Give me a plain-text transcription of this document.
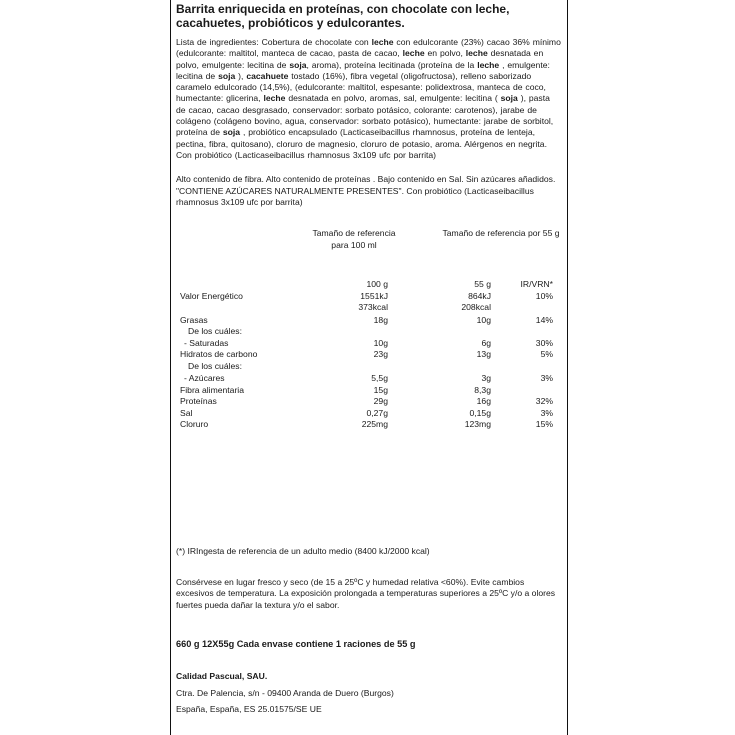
Barrita enriquecida en proteínas, con chocolate con leche, cacahuetes, probióticos y edulcorantes.
Lista de ingredientes: Cobertura de chocolate con leche con edulcorante (23%) cacao 36% mínimo (edulcorante: maltitol, manteca de cacao, pasta de cacao, leche en polvo, leche desnatada en polvo, emulgente: lecitina de soja, aroma), proteína lecitinada (proteína de la leche , emulgente: lecitina de soja ), cacahuete tostado (16%), fibra vegetal (oligofructosa), relleno saborizado caramelo edulcorado (14,5%), (edulcorante: maltitol, espesante: polidextrosa, manteca de coco, humectante: glicerina, leche desnatada en polvo, aromas, sal, emulgente: lecitina ( soja ), pasta de cacao, cacao desgrasado, conservador: sorbato potásico, colorante: carotenos), jarabe de colágeno (colágeno bovino, agua, conservador: sorbato potásico), humectante: jarabe de sorbitol, proteína de soja , probiótico encapsulado (Lacticaseibacillus rhamnosus, proteína de lenteja, pectina, fibra, quitosano), cloruro de magnesio, cloruro de potasio, aroma. Alérgenos en negrita. Con probiótico (Lacticaseibacillus rhamnosus 3x109 ufc por barrita)
Alto contenido de fibra. Alto contenido de proteínas . Bajo contenido en Sal. Sin azúcares añadidos. "CONTIENE AZÚCARES NATURALMENTE PRESENTES". Con probiótico (Lacticaseibacillus rhamnosus 3x109 ufc por barrita)
Tamaño de referencia para 100 ml
Tamaño de referencia por 55 g
100 g	55 g	IR/VRN*
Valor Energético	1551kJ	864kJ	10%
373kcal	208kcal
Grasas	18g	10g	14%
De los cuáles:
- Saturadas	10g	6g	30%
Hidratos de carbono	23g	13g	5%
De los cuáles:
- Azúcares	5,5g	3g	3%
Fibra alimentaria	15g	8,3g
Proteínas	29g	16g	32%
Sal	0,27g	0,15g	3%
Cloruro	225mg	123mg	15%
(*) IRIngesta de referencia de un adulto medio (8400 kJ/2000 kcal)
Consérvese en lugar fresco y seco (de 15 a 25ºC y humedad relativa <60%). Evite cambios excesivos de temperatura. La exposición prolongada a temperaturas superiores a 25ºC y/o a olores fuertes pueda dañar la textura y/o el sabor.
660 g 12X55g Cada envase contiene 1 raciones de 55 g
Calidad Pascual, SAU.
Ctra. De Palencia, s/n - 09400 Aranda de Duero (Burgos)
España, España, ES 25.01575/SE UE
